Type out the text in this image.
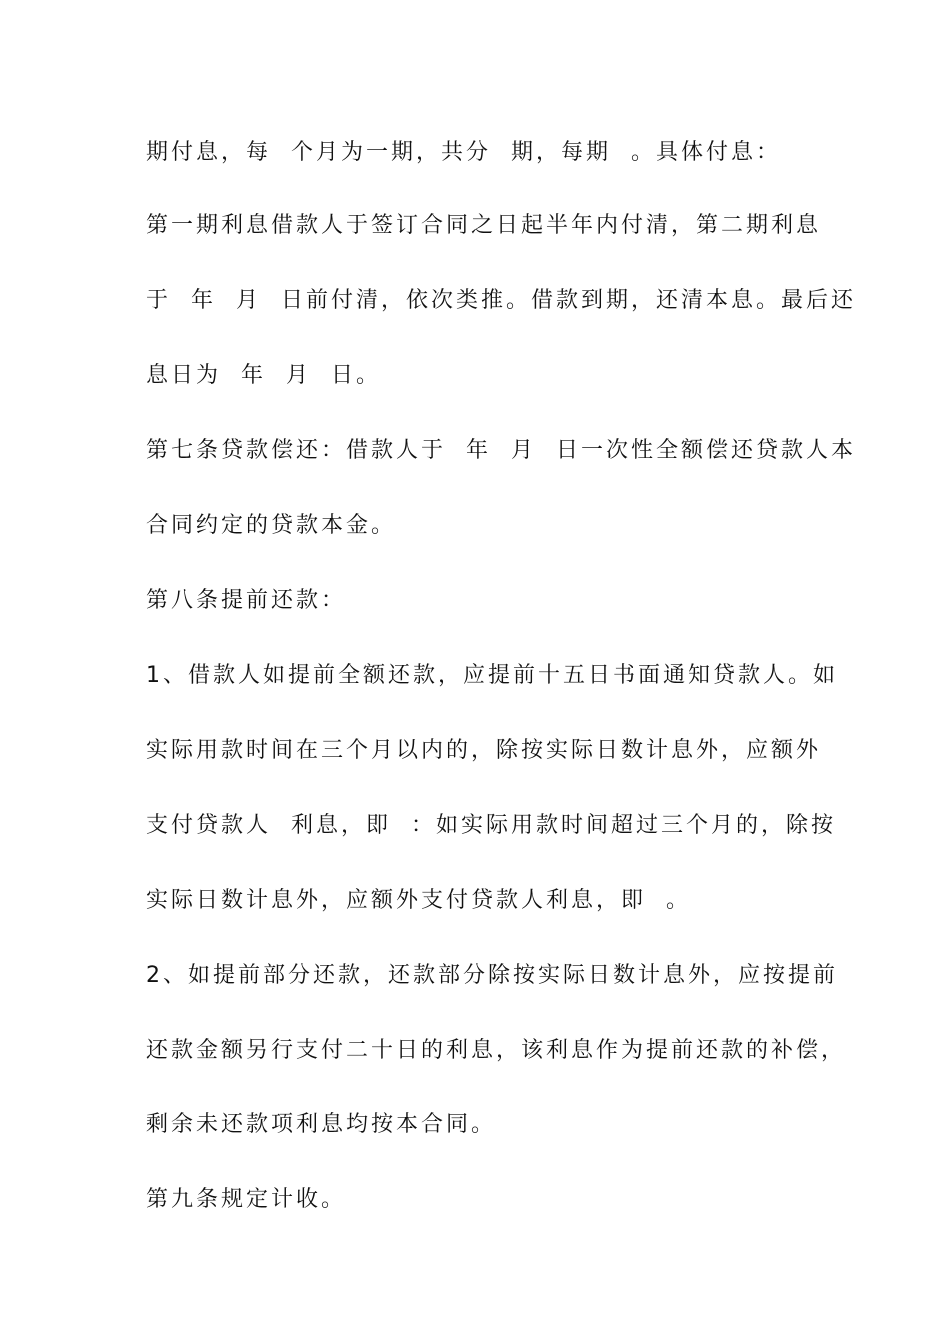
期付息，每  个月为一期，共分  期，每期  。具体付息：
第一期利息借款人于签订合同之日起半年内付清，第二期利息
于  年  月  日前付清，依次类推。借款到期，还清本息。最后还
息日为  年  月  日。
第七条贷款偿还：借款人于  年  月  日一次性全额偿还贷款人本
合同约定的贷款本金。
第八条提前还款：
1、借款人如提前全额还款，应提前十五日书面通知贷款人。如
实际用款时间在三个月以内的，除按实际日数计息外，应额外
支付贷款人  利息，即  ：如实际用款时间超过三个月的，除按
实际日数计息外，应额外支付贷款人利息，即  。
2、如提前部分还款，还款部分除按实际日数计息外，应按提前
还款金额另行支付二十日的利息，该利息作为提前还款的补偿，
剩余未还款项利息均按本合同。
第九条规定计收。
